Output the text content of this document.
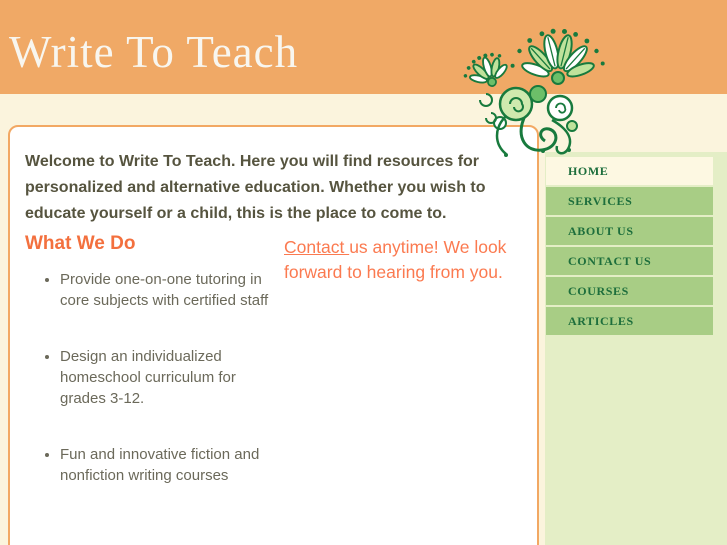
Write To Teach

Welcome to Write To Teach. Here you will find resources for personalized and alternative education. Whether you wish to educate yourself or a child, this is the place to come to.

What We Do
• Provide one-on-one tutoring in core subjects with certified staff
• Design an individualized homeschool curriculum for grades 3-12.
• Fun and innovative fiction and nonfiction writing courses

Contact us anytime! We look forward to hearing from you.

HOME
SERVICES
ABOUT US
CONTACT US
COURSES
ARTICLES
